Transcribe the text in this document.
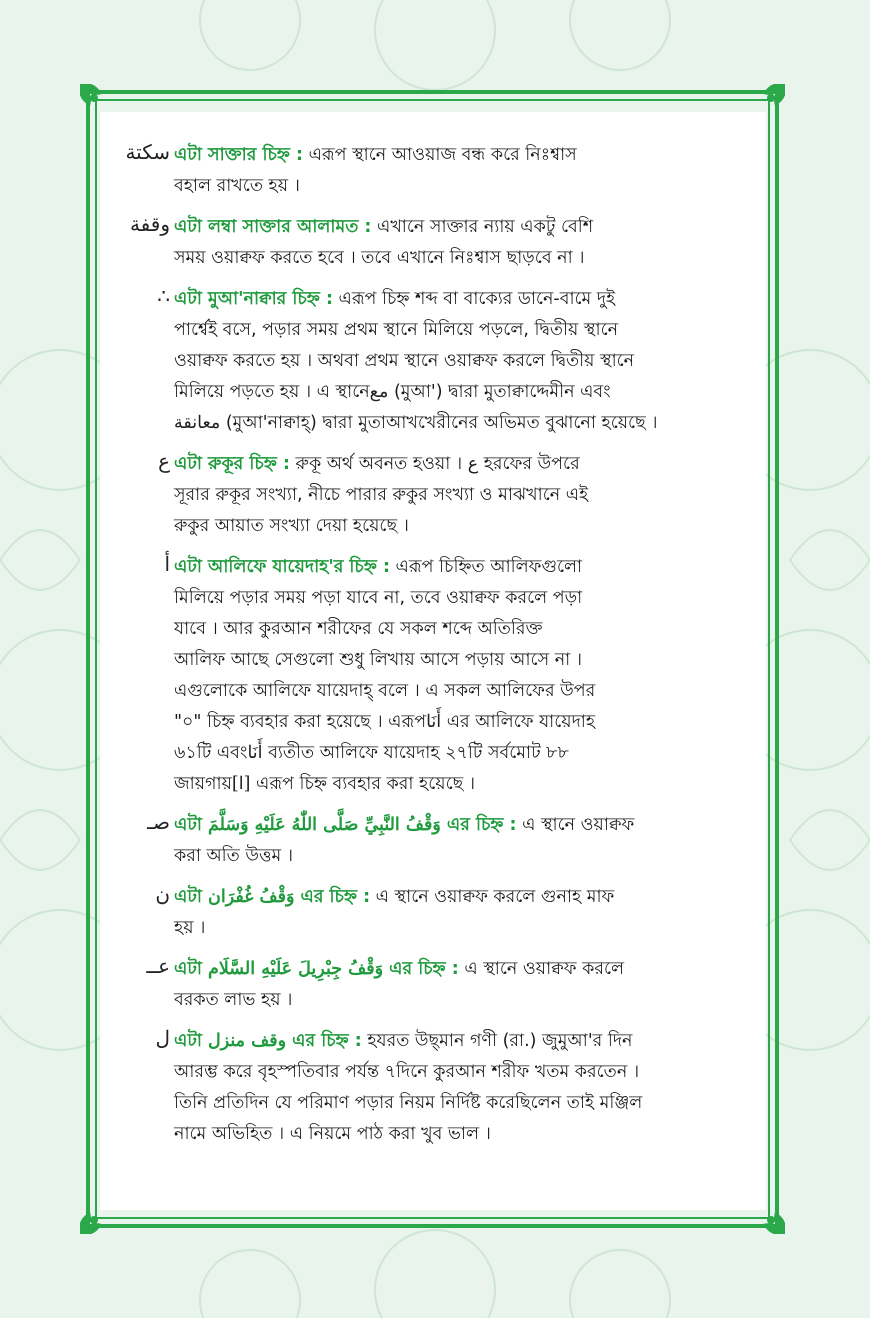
سكتة এটা সাক্তার চিহ্ন : এরূপ স্থানে আওয়াজ বন্ধ করে নিঃশ্বাস
বহাল রাখতে হয় ।
وقفة এটা লম্বা সাক্তার আলামত : এখানে সাক্তার ন্যায় একটু বেশি
সময় ওয়াক্বফ করতে হবে । তবে এখানে নিঃশ্বাস ছাড়বে না ।
∴ এটা মুআ'নাক্বার চিহ্ন : এরূপ চিহ্ন শব্দ বা বাক্যের ডানে-বামে দুই
পার্শ্বেই বসে, পড়ার সময় প্রথম স্থানে মিলিয়ে পড়লে, দ্বিতীয় স্থানে
ওয়াক্বফ করতে হয় । অথবা প্রথম স্থানে ওয়াক্বফ করলে দ্বিতীয় স্থানে
মিলিয়ে পড়তে হয় । এ স্থানেمع (মুআ') দ্বারা মুতাক্বাদ্দেমীন এবং
معانقة (মুআ'নাক্বাহ্) দ্বারা মুতাআখখেরীনের অভিমত বুঝানো হয়েছে ।
ع এটা রুকূর চিহ্ন : রুকূ অর্থ অবনত হওয়া । ع হরফের উপরে
সূরার রুকূর সংখ্যা, নীচে পারার রুকুর সংখ্যা ও মাঝখানে এই
রুকুর আয়াত সংখ্যা দেয়া হয়েছে ।
أ এটা আলিফে যায়েদাহ'র চিহ্ন : এরূপ চিহ্নিত আলিফগুলো
মিলিয়ে পড়ার সময় পড়া যাবে না, তবে ওয়াক্বফ করলে পড়া
যাবে । আর কুরআন শরীফের যে সকল শব্দে অতিরিক্ত
আলিফ আছে সেগুলো শুধু লিখায় আসে পড়ায় আসে না ।
এগুলোকে আলিফে যায়েদাহ্ বলে । এ সকল আলিফের উপর
"০" চিহ্ন ব্যবহার করা হয়েছে । এরূপأَنَا এর আলিফে যায়েদাহ
৬১টি এবংأَنَا ব্যতীত আলিফে যায়েদাহ ২৭টি সর্বমোট ৮৮
জায়গায়[ا] এরূপ চিহ্ন ব্যবহার করা হয়েছে ।
صـ এটা وَقْفُ النَّبِيِّ صَلَّى اللّٰهُ عَلَيْهِ وَسَلَّمَ এর চিহ্ন : এ স্থানে ওয়াক্বফ
করা অতি উত্তম ।
ن এটা وَقْفُ غُفْرَان এর চিহ্ন : এ স্থানে ওয়াক্বফ করলে গুনাহ মাফ
হয় ।
عــ এটা وَقْفُ جِبْرِيلَ عَلَيْهِ السَّلَام এর চিহ্ন : এ স্থানে ওয়াক্বফ করলে
বরকত লাভ হয় ।
ل এটা وقف منزل এর চিহ্ন : হযরত উছ্মান গণী (রা.) জুমুআ'র দিন
আরম্ভ করে বৃহস্পতিবার পর্যন্ত ৭দিনে কুরআন শরীফ খতম করতেন ।
তিনি প্রতিদিন যে পরিমাণ পড়ার নিয়ম নির্দিষ্ট করেছিলেন তাই মঞ্জিল
নামে অভিহিত । এ নিয়মে পাঠ করা খুব ভাল ।
